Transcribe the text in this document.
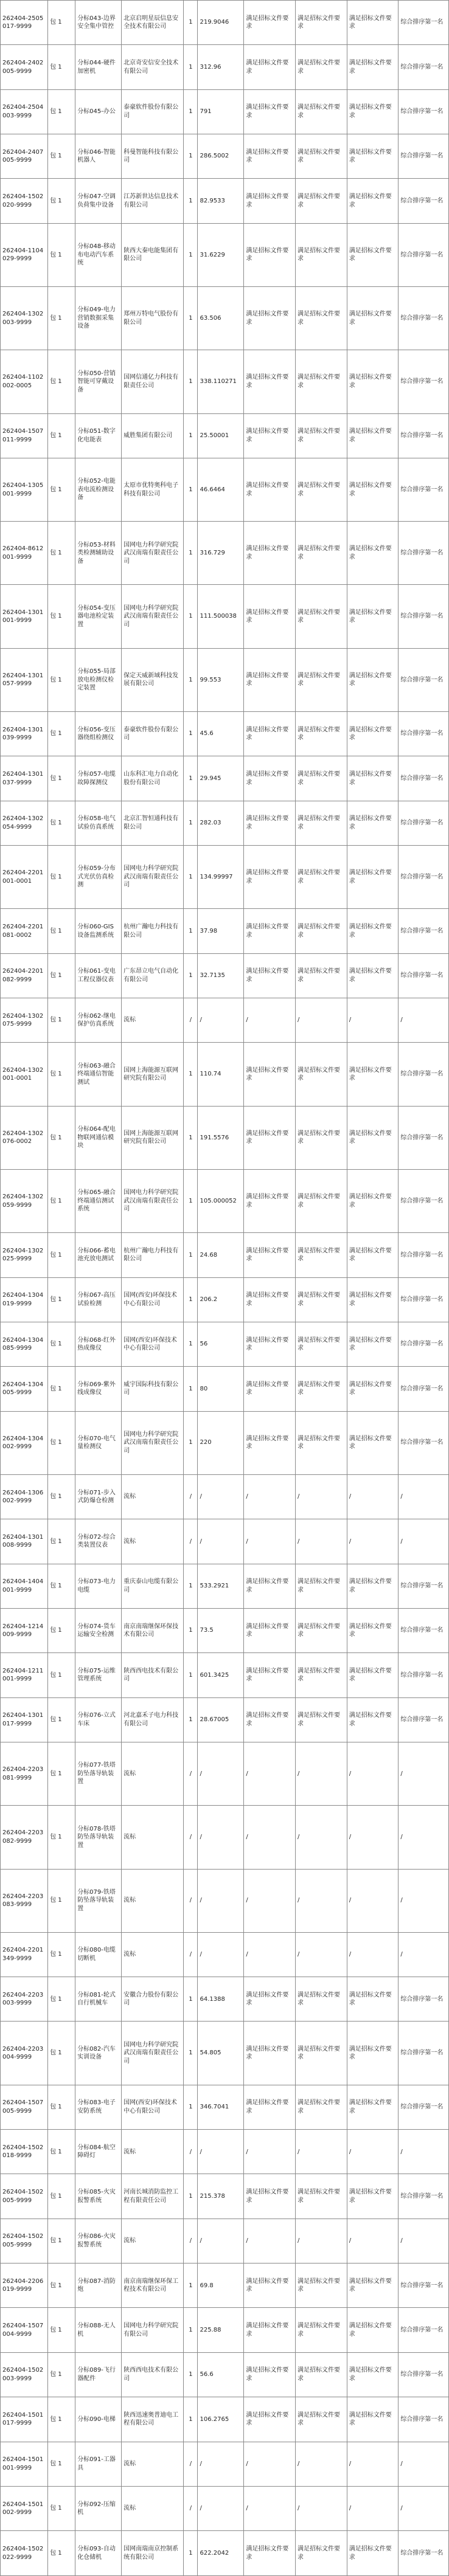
262404-2505017-9999	包 1	分标043-边界安全集中管控	北京启明星辰信息安全技术有限公司	1	219.9046	满足招标文件要求	满足招标文件要求	满足招标文件要求	综合排序第一名
262404-2402005-9999	包 1	分标044-硬件加密机	北京奇安信安全技术有限公司	1	312.96	满足招标文件要求	满足招标文件要求	满足招标文件要求	综合排序第一名
262404-2504003-9999	包 1	分标045-办公	泰豪软件股份有限公司	1	791	满足招标文件要求	满足招标文件要求	满足招标文件要求	综合排序第一名
262404-2407005-9999	包 1	分标046-智能机器人	科曼智能科技有限公司	1	286.5002	满足招标文件要求	满足招标文件要求	满足招标文件要求	综合排序第一名
262404-1502020-9999	包 1	分标047-空调负荷集中设备	江苏新世达信息技术有限公司	1	82.9533	满足招标文件要求	满足招标文件要求	满足招标文件要求	综合排序第一名
262404-1104029-9999	包 1	分标048-移动布电动汽车系统	陕西大秦电能集团有限公司	1	31.6229	满足招标文件要求	满足招标文件要求	满足招标文件要求	综合排序第一名
262404-1302003-9999	包 1	分标049-电力营销数据采集设备	郑州万特电气股份有限公司	1	63.506	满足招标文件要求	满足招标文件要求	满足招标文件要求	综合排序第一名
262404-1102002-0005	包 1	分标050-营销智能可穿戴设备	国网信通亿力科技有限责任公司	1	338.110271	满足招标文件要求	满足招标文件要求	满足招标文件要求	综合排序第一名
262404-1507011-9999	包 1	分标051-数字化电能表	威胜集团有限公司	1	25.50001	满足招标文件要求	满足招标文件要求	满足招标文件要求	综合排序第一名
262404-1305001-9999	包 1	分标052-电能表电流检测设备	太原市优特奥科电子科技有限公司	1	46.6464	满足招标文件要求	满足招标文件要求	满足招标文件要求	综合排序第一名
262404-8612001-9999	包 1	分标053-材料类检测辅助设备	国网电力科学研究院武汉南瑞有限责任公司	1	316.729	满足招标文件要求	满足招标文件要求	满足招标文件要求	综合排序第一名
262404-1301001-9999	包 1	分标054-变压器电池检定装置	国网电力科学研究院武汉南瑞有限责任公司	1	111.500038	满足招标文件要求	满足招标文件要求	满足招标文件要求	综合排序第一名
262404-1301057-9999	包 1	分标055-局部放电检测仪检定装置	保定天威新域科技发展有限公司	1	99.553	满足招标文件要求	满足招标文件要求	满足招标文件要求	综合排序第一名
262404-1301039-9999	包 1	分标056-变压器绕组检测仪	泰豪软件股份有限公司	1	45.6	满足招标文件要求	满足招标文件要求	满足招标文件要求	综合排序第一名
262404-1301037-9999	包 1	分标057-电缆故障探测仪	山东科汇电力自动化股份有限公司	1	29.945	满足招标文件要求	满足招标文件要求	满足招标文件要求	综合排序第一名
262404-1302054-9999	包 1	分标058-电气试验仿真系统	北京汇智恒通科技有限公司	1	282.03	满足招标文件要求	满足招标文件要求	满足招标文件要求	综合排序第一名
262404-2201001-0001	包 1	分标059-分布式光伏仿真检测	国网电力科学研究院武汉南瑞有限责任公司	1	134.99997	满足招标文件要求	满足招标文件要求	满足招标文件要求	综合排序第一名
262404-2201081-0002	包 1	分标060-GIS设备监测系统	杭州广瀚电力科技有限公司	1	37.98	满足招标文件要求	满足招标文件要求	满足招标文件要求	综合排序第一名
262404-2201082-9999	包 1	分标061-变电工程仪器仪表	广东昂立电气自动化有限公司	1	32.7135	满足招标文件要求	满足招标文件要求	满足招标文件要求	综合排序第一名
262404-1302075-9999	包 1	分标062-继电保护仿真系统	流标	/	/	/	/	/	/
262404-1302001-0001	包 1	分标063-融合终端通信智能测试	国网上海能源互联网研究院有限公司	1	110.74	满足招标文件要求	满足招标文件要求	满足招标文件要求	综合排序第一名
262404-1302076-0002	包 1	分标064-配电物联网通信模块	国网上海能源互联网研究院有限公司	1	191.5576	满足招标文件要求	满足招标文件要求	满足招标文件要求	综合排序第一名
262404-1302059-9999	包 1	分标065-融合终端通信测试系统	国网电力科学研究院武汉南瑞有限责任公司	1	105.000052	满足招标文件要求	满足招标文件要求	满足招标文件要求	综合排序第一名
262404-1302025-9999	包 1	分标066-蓄电池充放电测试	杭州广瀚电力科技有限公司	1	24.68	满足招标文件要求	满足招标文件要求	满足招标文件要求	综合排序第一名
262404-1304019-9999	包 1	分标067-高压试验检测	国网(西安)环保技术中心有限公司	1	206.2	满足招标文件要求	满足招标文件要求	满足招标文件要求	综合排序第一名
262404-1304085-9999	包 1	分标068-红外热成像仪	国网(西安)环保技术中心有限公司	1	56	满足招标文件要求	满足招标文件要求	满足招标文件要求	综合排序第一名
262404-1304005-9999	包 1	分标069-紫外线成像仪	威宇国际科技有限公司	1	80	满足招标文件要求	满足招标文件要求	满足招标文件要求	综合排序第一名
262404-1304002-9999	包 1	分标070-电气量检测仪	国网电力科学研究院武汉南瑞有限责任公司	1	220	满足招标文件要求	满足招标文件要求	满足招标文件要求	综合排序第一名
262404-1306002-9999	包 1	分标071-步入式防爆仓检测	流标	/	/	/	/	/	/
262404-1301008-9999	包 1	分标072-综合类装置仪表	流标	/	/	/	/	/	/
262404-1404001-9999	包 1	分标073-电力电缆	重庆泰山电缆有限公司	1	533.2921	满足招标文件要求	满足招标文件要求	满足招标文件要求	综合排序第一名
262404-1214009-9999	包 1	分标074-货车运输安全检测	南京南瑞继保环保技术有限公司	1	73.5	满足招标文件要求	满足招标文件要求	满足招标文件要求	综合排序第一名
262404-1211001-9999	包 1	分标075-运维管理系统	陕西西电技术有限公司	1	601.3425	满足招标文件要求	满足招标文件要求	满足招标文件要求	综合排序第一名
262404-1301017-9999	包 1	分标076-立式车床	河北嘉禾子电力科技有限公司	1	28.67005	满足招标文件要求	满足招标文件要求	满足招标文件要求	综合排序第一名
262404-2203081-9999	包 1	分标077-铁塔防坠落导轨装置	流标	/	/	/	/	/	/
262404-2203082-9999	包 1	分标078-铁塔防坠落导轨装置	流标	/	/	/	/	/	/
262404-2203083-9999	包 1	分标079-铁塔防坠落导轨装置	流标	/	/	/	/	/	/
262404-2201349-9999	包 1	分标080-电缆切断机	流标	/	/	/	/	/	/
262404-2203003-9999	包 1	分标081-轮式自行机械车	安徽合力股份有限公司	1	64.1388	满足招标文件要求	满足招标文件要求	满足招标文件要求	综合排序第一名
262404-2203004-9999	包 1	分标082-汽车实训设备	国网电力科学研究院武汉南瑞有限责任公司	1	54.805	满足招标文件要求	满足招标文件要求	满足招标文件要求	综合排序第一名
262404-1507005-9999	包 1	分标083-电子安防系统	国网(西安)环保技术中心有限公司	1	346.7041	满足招标文件要求	满足招标文件要求	满足招标文件要求	综合排序第一名
262404-1502018-9999	包 1	分标084-航空障碍灯	流标	/	/	/	/	/	/
262404-1502005-9999	包 1	分标085-火灾报警系统	河南长城消防监控工程有限责任公司	1	215.378	满足招标文件要求	满足招标文件要求	满足招标文件要求	综合排序第一名
262404-1502005-9999	包 1	分标086-火灾报警系统	流标	/	/	/	/	/	/
262404-2206019-9999	包 1	分标087-消防炮	南京南瑞继保环保工程技术有限公司	1	69.8	满足招标文件要求	满足招标文件要求	满足招标文件要求	综合排序第一名
262404-1507004-9999	包 1	分标088-无人机	国网电力科学研究院有限公司	1	225.88	满足招标文件要求	满足招标文件要求	满足招标文件要求	综合排序第一名
262404-1502003-9999	包 1	分标089-飞行器配件	陕西西电技术有限公司	1	56.6	满足招标文件要求	满足招标文件要求	满足招标文件要求	综合排序第一名
262404-1501017-9999	包 1	分标090-电梯	陕西迅速奥普迪电工程有限公司	1	106.2765	满足招标文件要求	满足招标文件要求	满足招标文件要求	综合排序第一名
262404-1501001-9999	包 1	分标091-工器具	流标	/	/	/	/	/	/
262404-1501002-9999	包 1	分标092-压缩机	流标	/	/	/	/	/	/
262404-1502022-9999	包 1	分标093-自动化仓储机	国网南瑞南京控制系统有限公司	1	622.2042	满足招标文件要求	满足招标文件要求	满足招标文件要求	综合排序第一名
